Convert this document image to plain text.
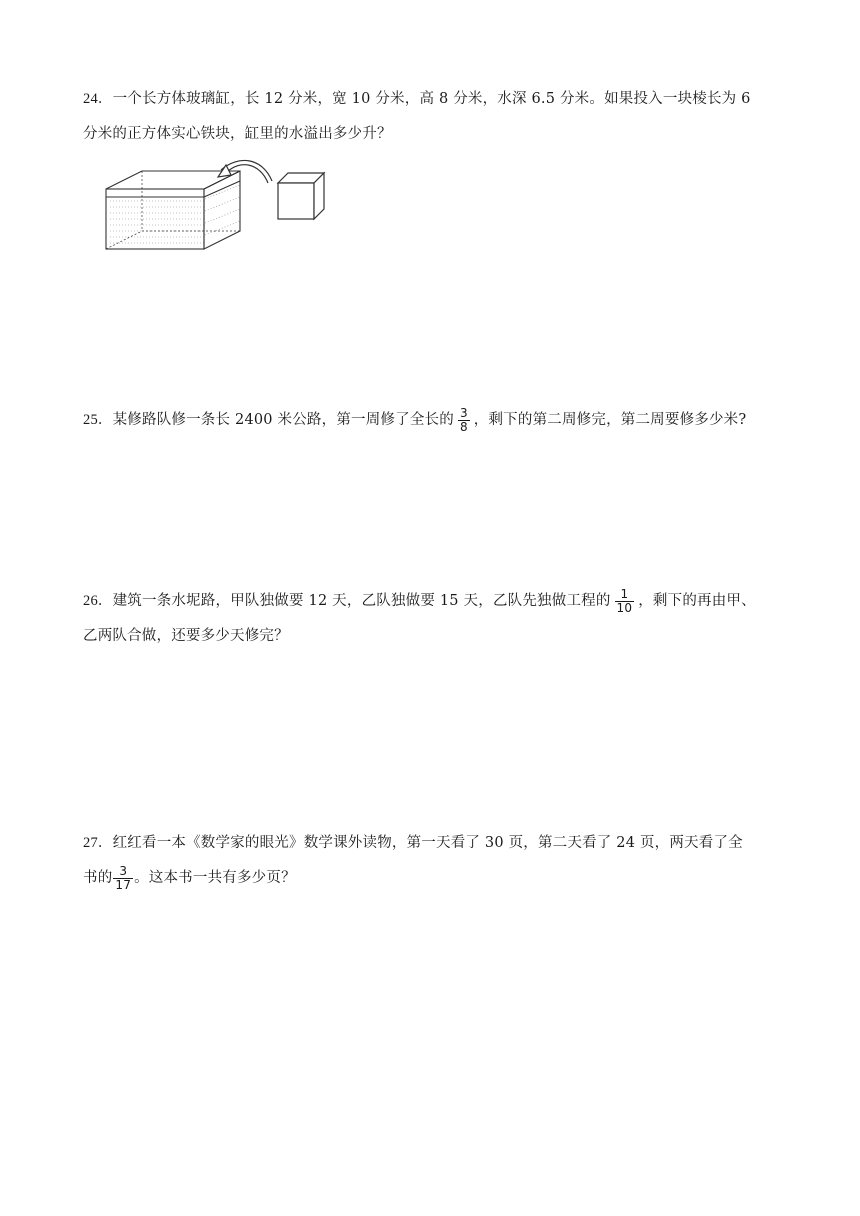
24．一个长方体玻璃缸，长 12 分米，宽 10 分米，高 8 分米，水深 6.5 分米。如果投入一块棱长为 6
分米的正方体实心铁块，缸里的水溢出多少升？
25．某修路队修一条长 2400 米公路，第一周修了全长的 $\frac{3}{8}$ ，剩下的第二周修完，第二周要修多少米?
26．建筑一条水坭路，甲队独做要 12 天，乙队独做要 15 天，乙队先独做工程的 $\frac{1}{10}$ ，剩下的再由甲、
乙两队合做，还要多少天修完？
27．红红看一本《数学家的眼光》数学课外读物，第一天看了 30 页，第二天看了 24 页，两天看了全
书的 $\frac{3}{17}$ 。这本书一共有多少页？
